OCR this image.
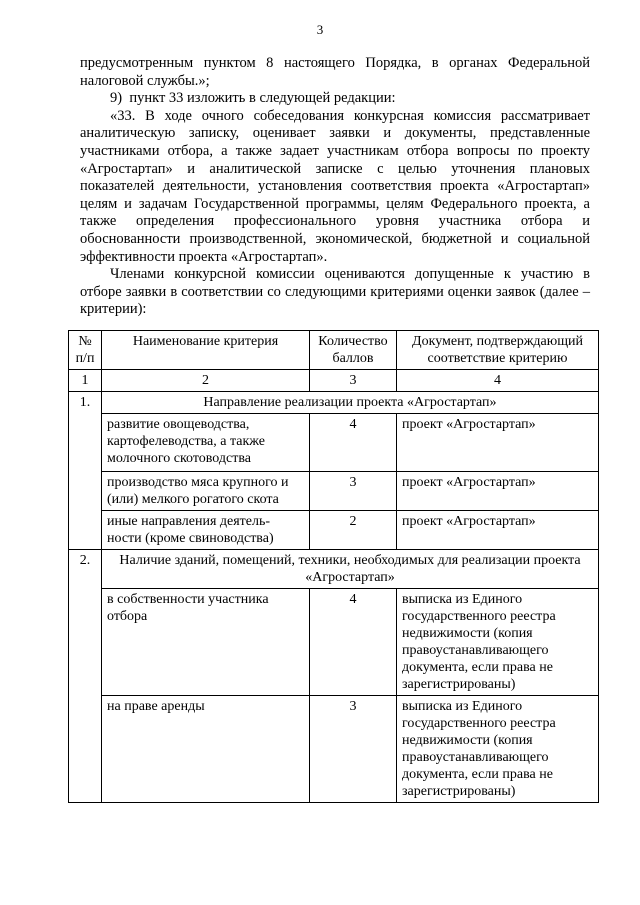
3

предусмотренным пунктом 8 настоящего Порядка, в органах Федеральной налоговой службы.»;

9)  пункт 33 изложить в следующей редакции:

«33. В ходе очного собеседования конкурсная комиссия рассматривает аналитическую записку, оценивает заявки и документы, представленные участниками отбора, а также задает участникам отбора вопросы по проекту «Агростартап» и аналитической записке с целью уточнения плановых показателей деятельности, установления соответствия проекта «Агростартап» целям и задачам Государственной программы, целям Федерального проекта, а также определения профессионального уровня участника отбора и обоснованности производственной, экономической, бюджетной и социальной эффективности проекта «Агростартап».

Членами конкурсной комиссии оцениваются допущенные к участию в отборе заявки в соответствии со следующими критериями оценки заявок (далее – критерии):

№ п/п	Наименование критерия	Количество баллов	Документ, подтверждающий соответствие критерию
1	2	3	4
1.	Направление реализации проекта «Агростартап»		
	развитие овощеводства, картофелеводства, а также молочного скотоводства	4	проект «Агростартап»
	производство мяса крупного и (или) мелкого рогатого скота	3	проект «Агростартап»
	иные направления деятель-ности (кроме свиноводства)	2	проект «Агростартап»
2.	Наличие зданий, помещений, техники, необходимых для реализации проекта «Агростартап»		
	в собственности участника отбора	4	выписка из Единого государственного реестра недвижимости (копия правоустанавливающего документа, если права не зарегистрированы)
	на праве аренды	3	выписка из Единого государственного реестра недвижимости (копия правоустанавливающего документа, если права не зарегистрированы)
